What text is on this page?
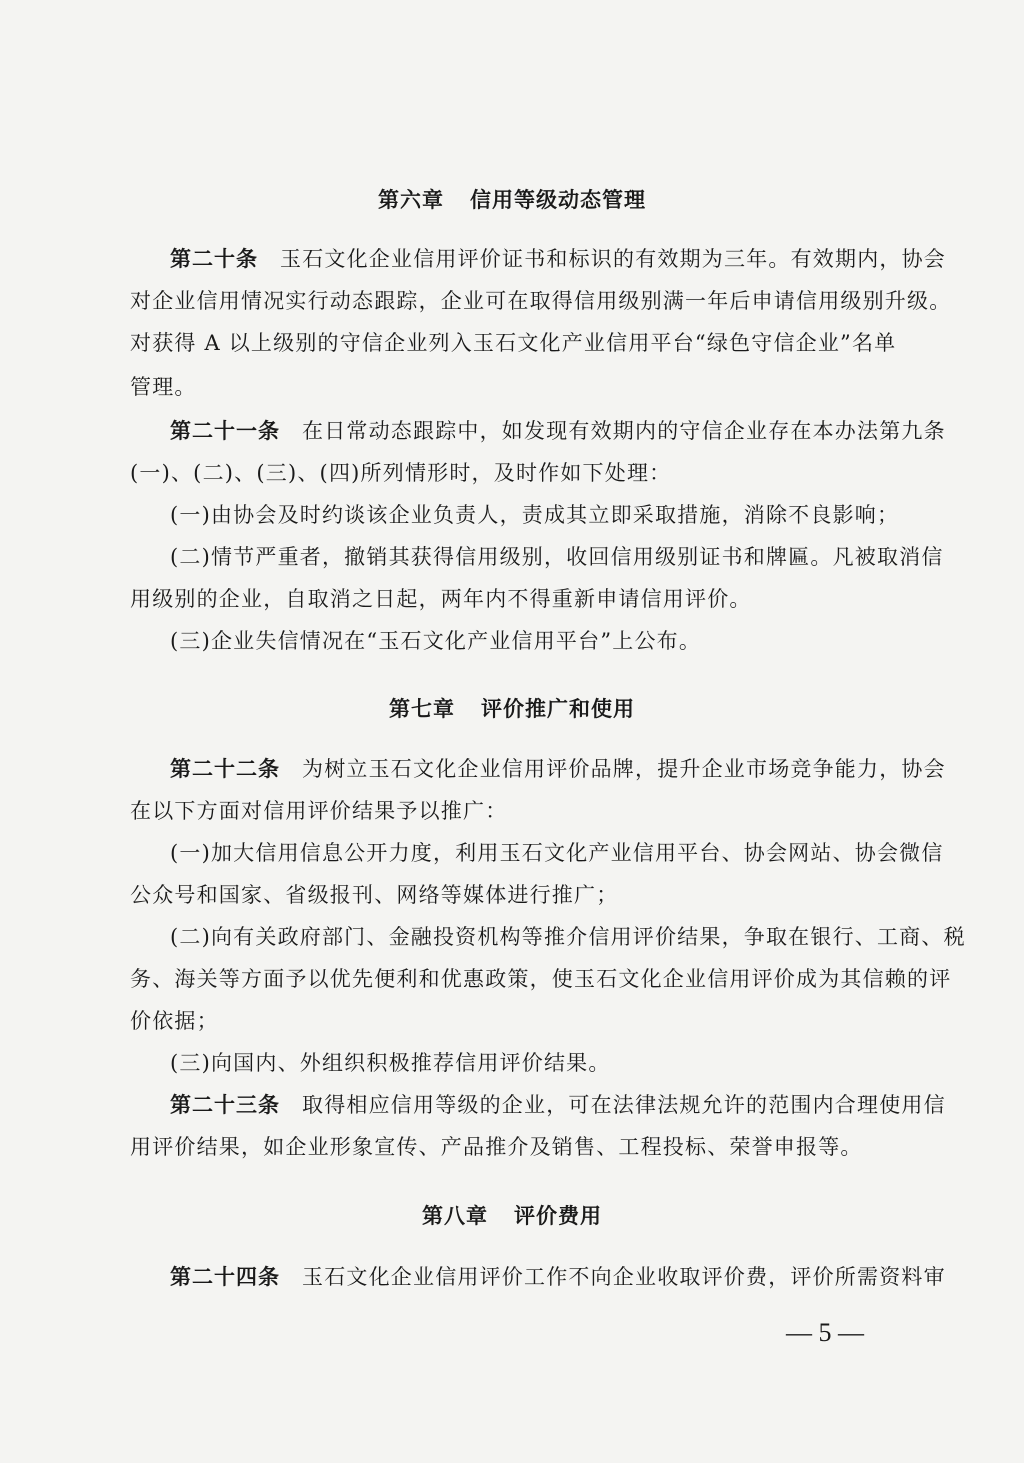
第六章 信用等级动态管理
第二十条 玉石文化企业信用评价证书和标识的有效期为三年。有效期内，协会
对企业信用情况实行动态跟踪，企业可在取得信用级别满一年后申请信用级别升级。
对获得 A 以上级别的守信企业列入玉石文化产业信用平台“绿色守信企业”名单
管理。
第二十一条 在日常动态跟踪中，如发现有效期内的守信企业存在本办法第九条
(一)、(二)、(三)、(四)所列情形时，及时作如下处理：
(一)由协会及时约谈该企业负责人，责成其立即采取措施，消除不良影响；
(二)情节严重者，撤销其获得信用级别，收回信用级别证书和牌匾。凡被取消信
用级别的企业，自取消之日起，两年内不得重新申请信用评价。
(三)企业失信情况在“玉石文化产业信用平台”上公布。
第七章 评价推广和使用
第二十二条 为树立玉石文化企业信用评价品牌，提升企业市场竞争能力，协会
在以下方面对信用评价结果予以推广：
(一)加大信用信息公开力度，利用玉石文化产业信用平台、协会网站、协会微信
公众号和国家、省级报刊、网络等媒体进行推广；
(二)向有关政府部门、金融投资机构等推介信用评价结果，争取在银行、工商、税
务、海关等方面予以优先便利和优惠政策，使玉石文化企业信用评价成为其信赖的评
价依据；
(三)向国内、外组织积极推荐信用评价结果。
第二十三条 取得相应信用等级的企业，可在法律法规允许的范围内合理使用信
用评价结果，如企业形象宣传、产品推介及销售、工程投标、荣誉申报等。
第八章 评价费用
第二十四条 玉石文化企业信用评价工作不向企业收取评价费，评价所需资料审
— 5 —
